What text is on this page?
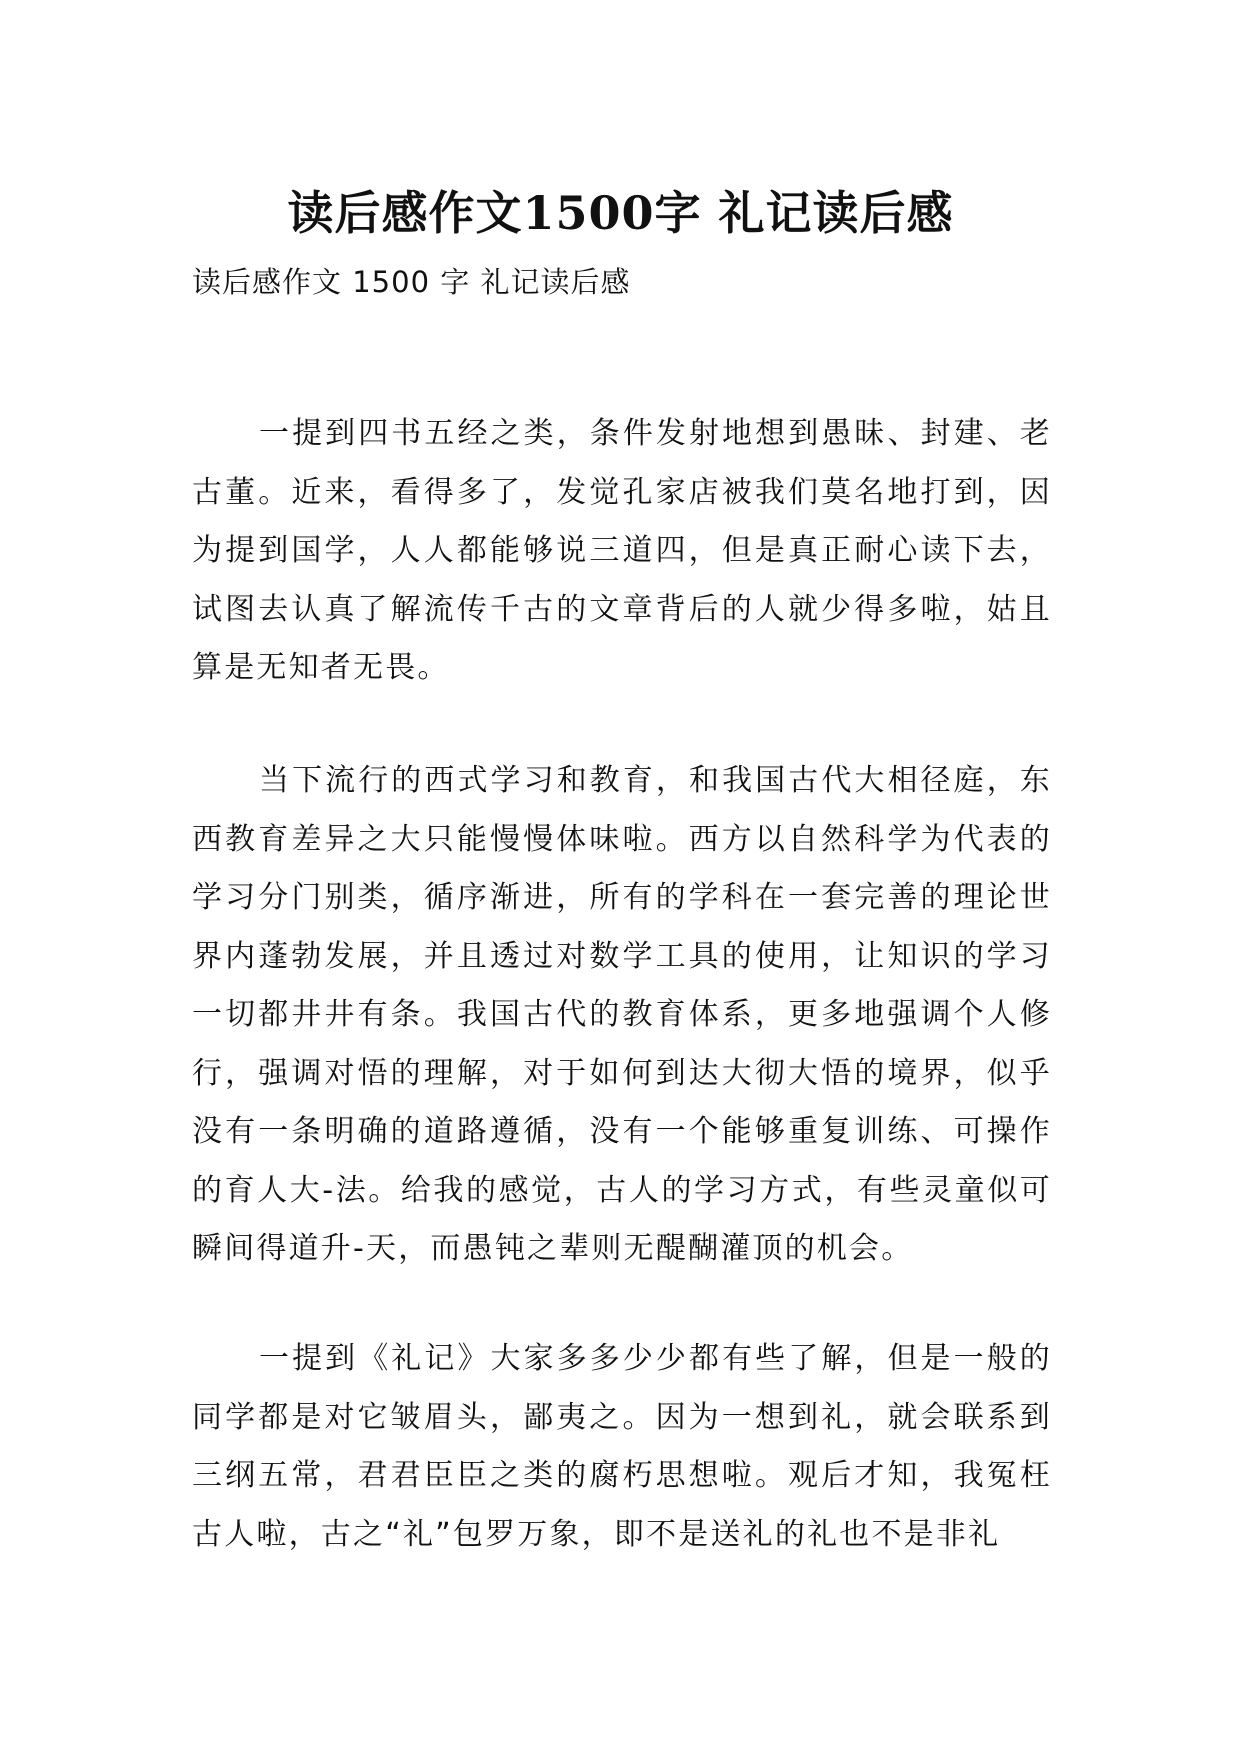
读后感作文1500字 礼记读后感
读后感作文 1500 字 礼记读后感

一提到四书五经之类，条件发射地想到愚昧、封建、老古董。近来，看得多了，发觉孔家店被我们莫名地打到，因为提到国学，人人都能够说三道四，但是真正耐心读下去，试图去认真了解流传千古的文章背后的人就少得多啦，姑且算是无知者无畏。

当下流行的西式学习和教育，和我国古代大相径庭，东西教育差异之大只能慢慢体味啦。西方以自然科学为代表的学习分门别类，循序渐进，所有的学科在一套完善的理论世界内蓬勃发展，并且透过对数学工具的使用，让知识的学习一切都井井有条。我国古代的教育体系，更多地强调个人修行，强调对悟的理解，对于如何到达大彻大悟的境界，似乎没有一条明确的道路遵循，没有一个能够重复训练、可操作的育人大-法。给我的感觉，古人的学习方式，有些灵童似可瞬间得道升-天，而愚钝之辈则无醍醐灌顶的机会。

一提到《礼记》大家多多少少都有些了解，但是一般的同学都是对它皱眉头，鄙夷之。因为一想到礼，就会联系到三纲五常，君君臣臣之类的腐朽思想啦。观后才知，我冤枉古人啦，古之“礼”包罗万象，即不是送礼的礼也不是非礼
